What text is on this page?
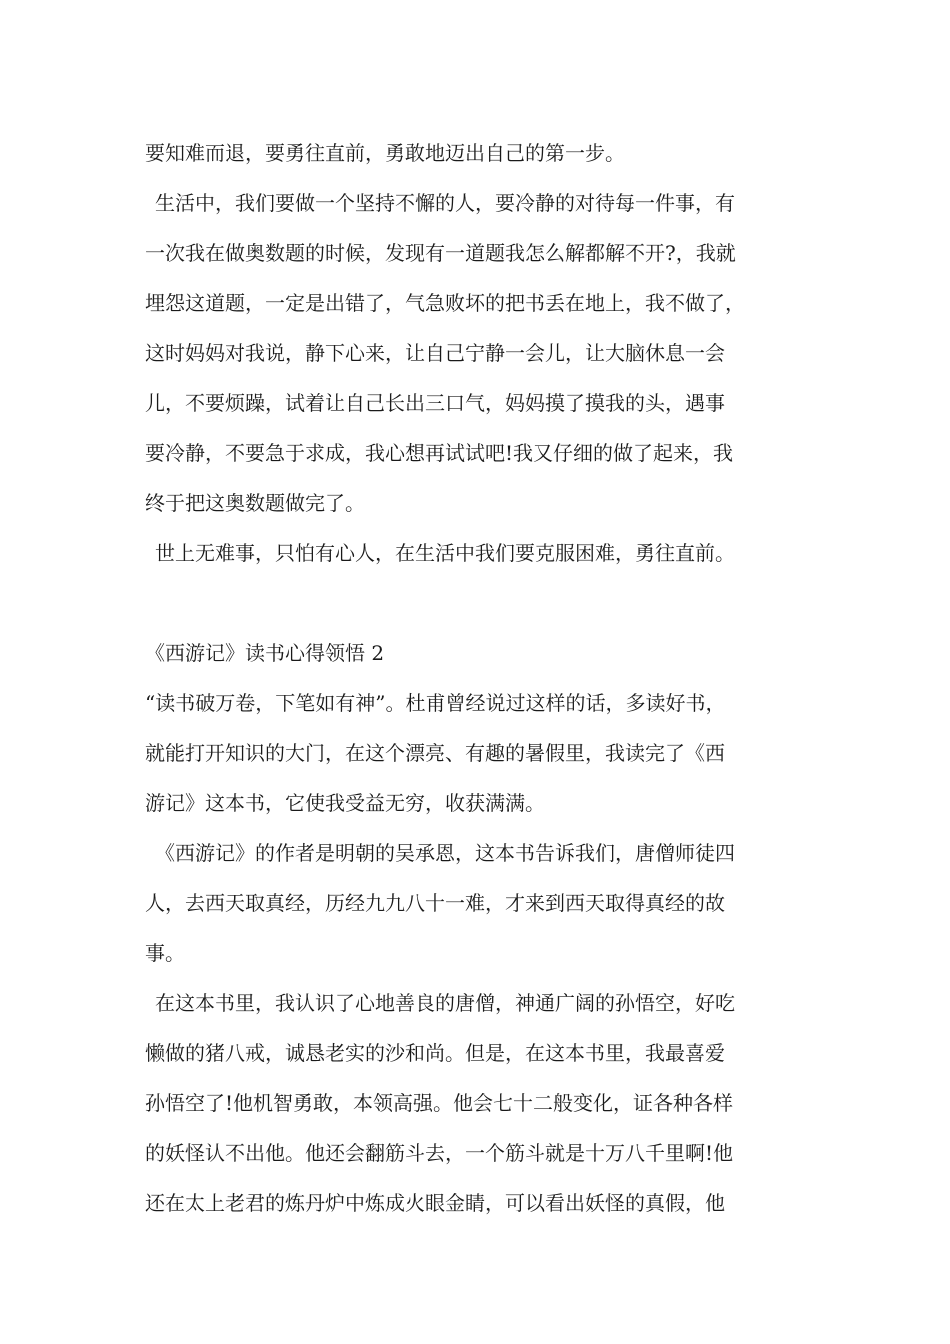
要知难而退，要勇往直前，勇敢地迈出自己的第一步。
生活中，我们要做一个坚持不懈的人，要冷静的对待每一件事，有
一次我在做奥数题的时候，发现有一道题我怎么解都解不开?，我就
埋怨这道题，一定是出错了，气急败坏的把书丢在地上，我不做了，
这时妈妈对我说，静下心来，让自己宁静一会儿，让大脑休息一会
儿，不要烦躁，试着让自己长出三口气，妈妈摸了摸我的头，遇事
要冷静，不要急于求成，我心想再试试吧!我又仔细的做了起来，我
终于把这奥数题做完了。
世上无难事，只怕有心人，在生活中我们要克服困难，勇往直前。
《西游记》读书心得领悟 2
“读书破万卷，下笔如有神”。杜甫曾经说过这样的话，多读好书，
就能打开知识的大门，在这个漂亮、有趣的暑假里，我读完了《西
游记》这本书，它使我受益无穷，收获满满。
《西游记》的作者是明朝的吴承恩，这本书告诉我们，唐僧师徒四
人，去西天取真经，历经九九八十一难，才来到西天取得真经的故
事。
在这本书里，我认识了心地善良的唐僧，神通广阔的孙悟空，好吃
懒做的猪八戒，诚恳老实的沙和尚。但是，在这本书里，我最喜爱
孙悟空了!他机智勇敢，本领高强。他会七十二般变化，证各种各样
的妖怪认不出他。他还会翻筋斗去，一个筋斗就是十万八千里啊!他
还在太上老君的炼丹炉中炼成火眼金睛，可以看出妖怪的真假，他
